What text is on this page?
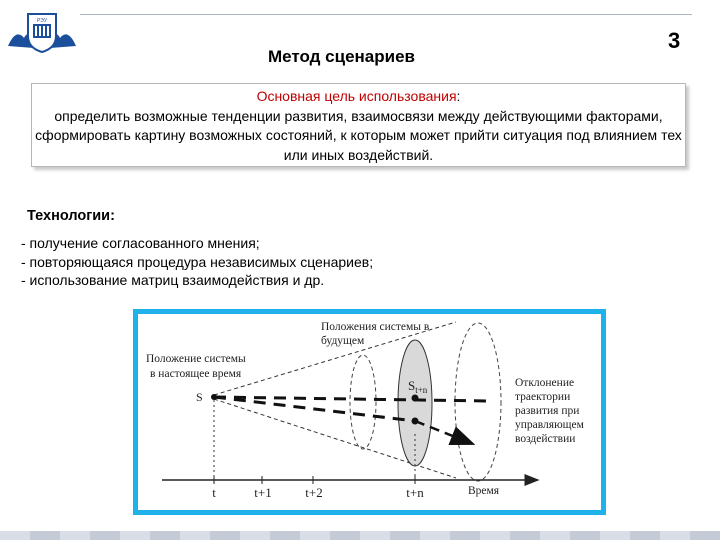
РЭУ
3
Метод сценариев
Основная цель использования:
определить возможные тенденции развития, взаимосвязи между действующими факторами, сформировать картину возможных состояний, к которым может прийти ситуация под влиянием тех или иных воздействий.
Технологии:
- получение согласованного мнения;
- повторяющаяся процедура независимых сценариев;
- использование матриц взаимодействия и др.
t	t+1	t+2	t+n	Время
Положения системы в
будущем
Положение системы
в настоящее время
S
$S_{t+n}$
Отклонение
траектории
развития при
управляющем
воздействии
